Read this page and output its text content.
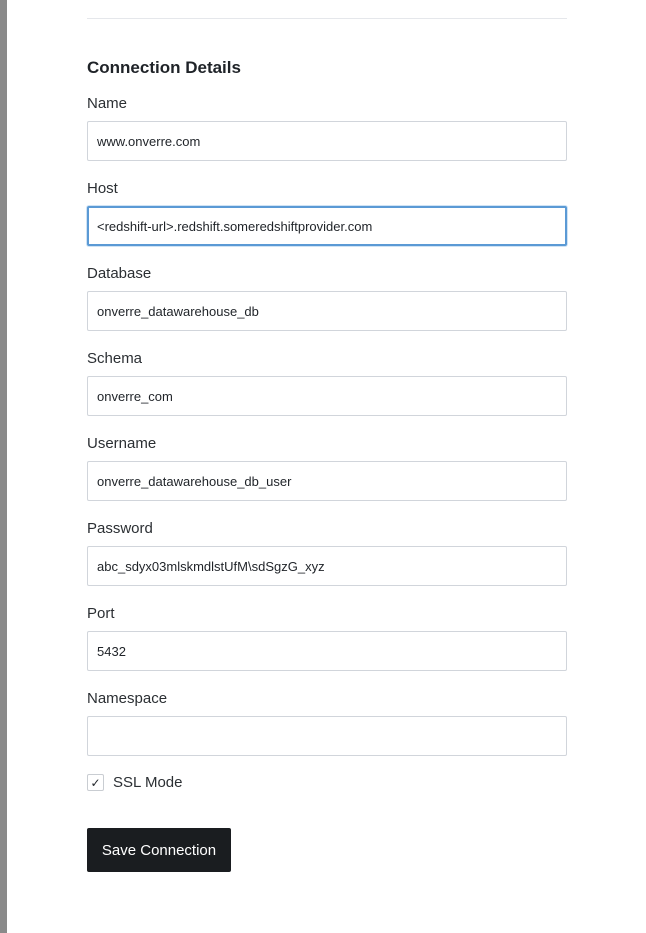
Connection Details
Name
www.onverre.com
Host
<redshift-url>.redshift.someredshiftprovider.com
Database
onverre_datawarehouse_db
Schema
onverre_com
Username
onverre_datawarehouse_db_user
Password
abc_sdyx03mlskmdlstUfM\sdSgzG_xyz
Port
5432
Namespace
✓ SSL Mode
Save Connection
